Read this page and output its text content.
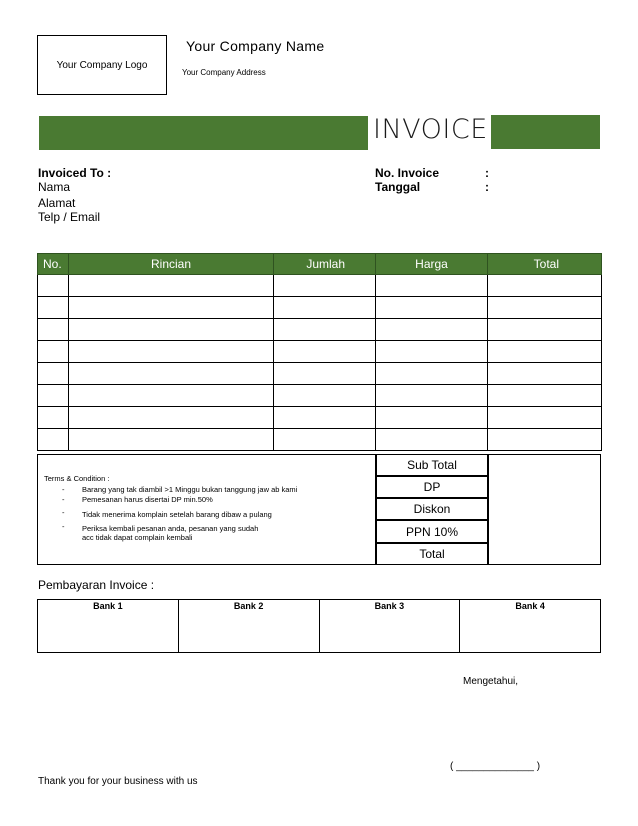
Your Company Logo
Your Company Name
Your Company Address
INVOICE
Invoiced To :
Nama
Alamat
Telp / Email
No. Invoice	:
Tanggal	:
No.	Rincian	Jumlah	Harga	Total

Terms & Condition :
- Barang yang tak diambil >1 Minggu bukan tanggung jaw ab kami
- Pemesanan harus disertai DP min.50%
- Tidak menerima komplain setelah barang dibaw a pulang
- Periksa kembali pesanan anda, pesanan yang sudah
acc tidak dapat complain kembali
Sub Total
DP
Diskon
PPN 10%
Total
Pembayaran Invoice :
Bank 1	Bank 2	Bank 3	Bank 4

Mengetahui,
( ______________ )
Thank you for your business with us
